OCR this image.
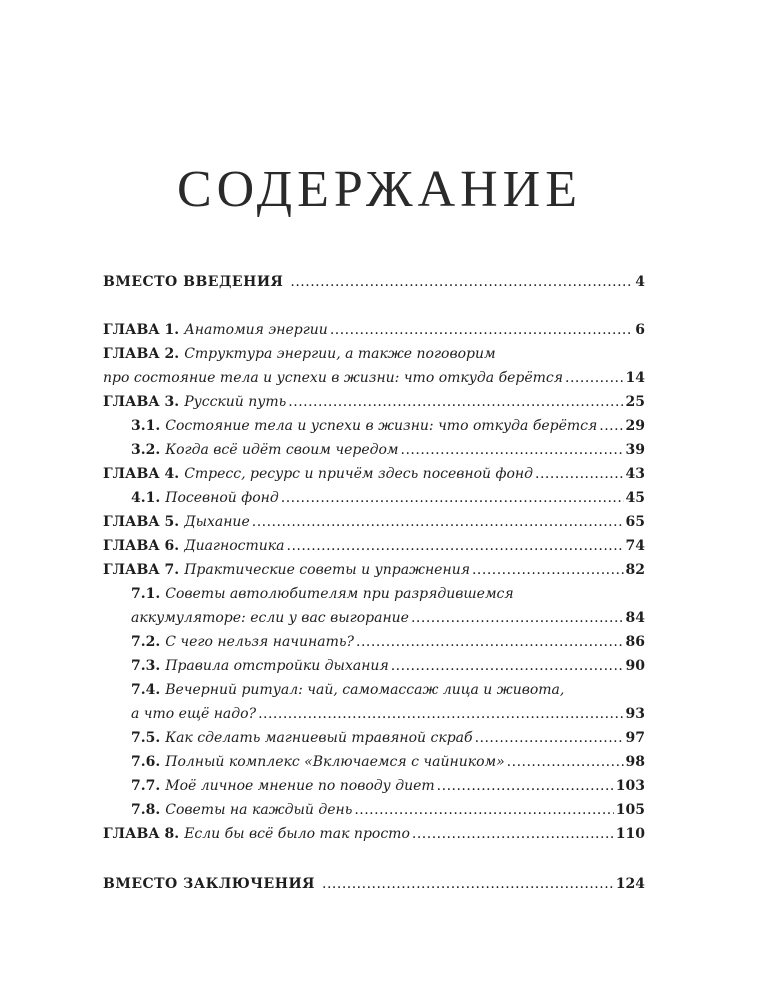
СОДЕРЖАНИЕ
ВМЕСТО ВВЕДЕНИЯ .....	4
ГЛАВА 1. Анатомия энергии .....	6
ГЛАВА 2. Структура энергии, а также поговорим
про состояние тела и успехи в жизни: что откуда берётся .....	14
ГЛАВА 3. Русский путь .....	25
3.1. Состояние тела и успехи в жизни: что откуда берётся ..... 29
3.2. Когда всё идёт своим чередом .....	39
ГЛАВА 4. Стресс, ресурс и причём здесь посевной фонд .....	43
4.1. Посевной фонд .....	45
ГЛАВА 5. Дыхание .....	65
ГЛАВА 6. Диагностика .....	74
ГЛАВА 7. Практические советы и упражнения .....	82
7.1. Советы автолюбителям при разрядившемся
аккумуляторе: если у вас выгорание .....	84
7.2. С чего нельзя начинать? .....	86
7.3. Правила отстройки дыхания .....	90
7.4. Вечерний ритуал: чай, самомассаж лица и живота,
а что ещё надо? .....	93
7.5. Как сделать магниевый травяной скраб .....	97
7.6. Полный комплекс «Включаемся с чайником» .....	98
7.7. Моё личное мнение по поводу диет .....	103
7.8. Советы на каждый день .....	105
ГЛАВА 8. Если бы всё было так просто .....	110
ВМЕСТО ЗАКЛЮЧЕНИЯ .....	124
